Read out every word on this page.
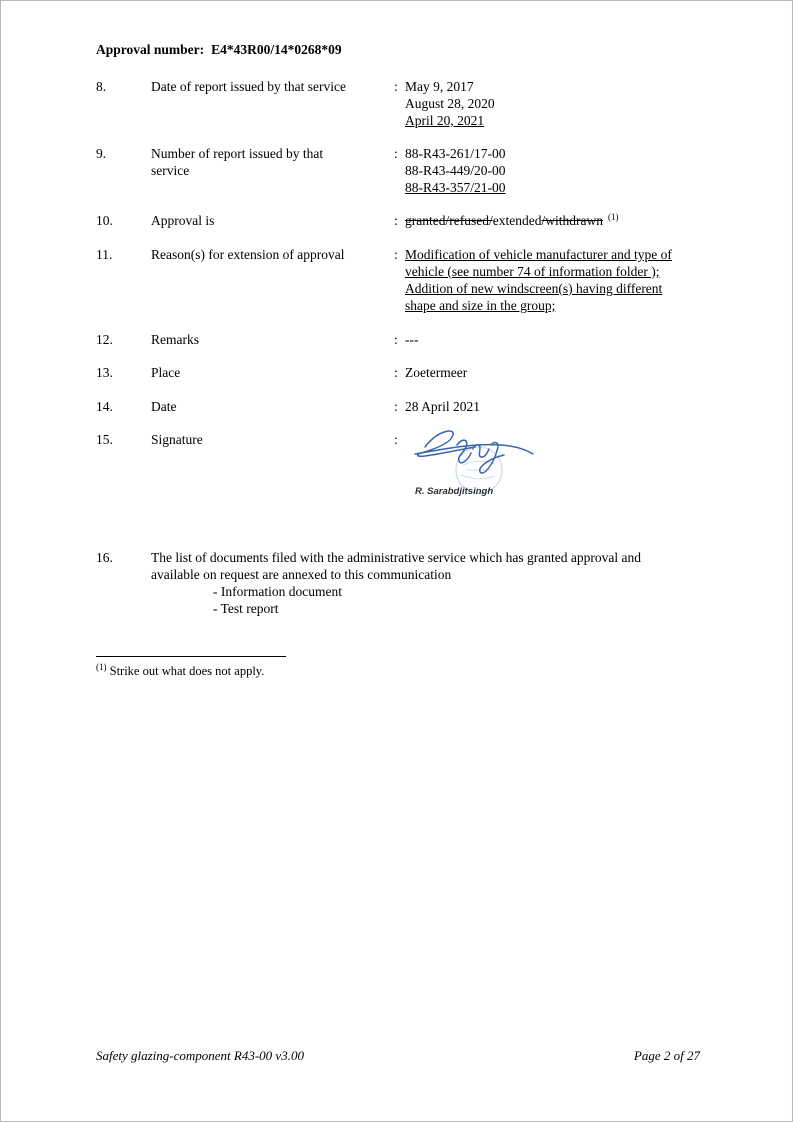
Approval number: E4*43R00/14*0268*09
8.	Date of report issued by that service	: May 9, 2017
August 28, 2020
April 20, 2021
9.	Number of report issued by that
service
: 88-R43-261/17-00
88-R43-449/20-00
88-R43-357/21-00
10.	Approval is	: granted/refused/extended/withdrawn $^{(1)}$
11.	Reason(s) for extension of approval	: Modification of vehicle manufacturer and type of
vehicle (see number 74 of information folder );
Addition of new windscreen(s) having different
shape and size in the group;
12.	Remarks	: ---
13.	Place	: Zoetermeer
14.	Date	: 28 April 2021
15.	Signature	:
R. Sarabdjitsingh
16.	The list of documents filed with the administrative service which has granted approval and
available on request are annexed to this communication
- Information document
- Test report
$^{(1)}$ Strike out what does not apply.
Safety glazing-component R43-00 v3.00	Page 2 of 27
